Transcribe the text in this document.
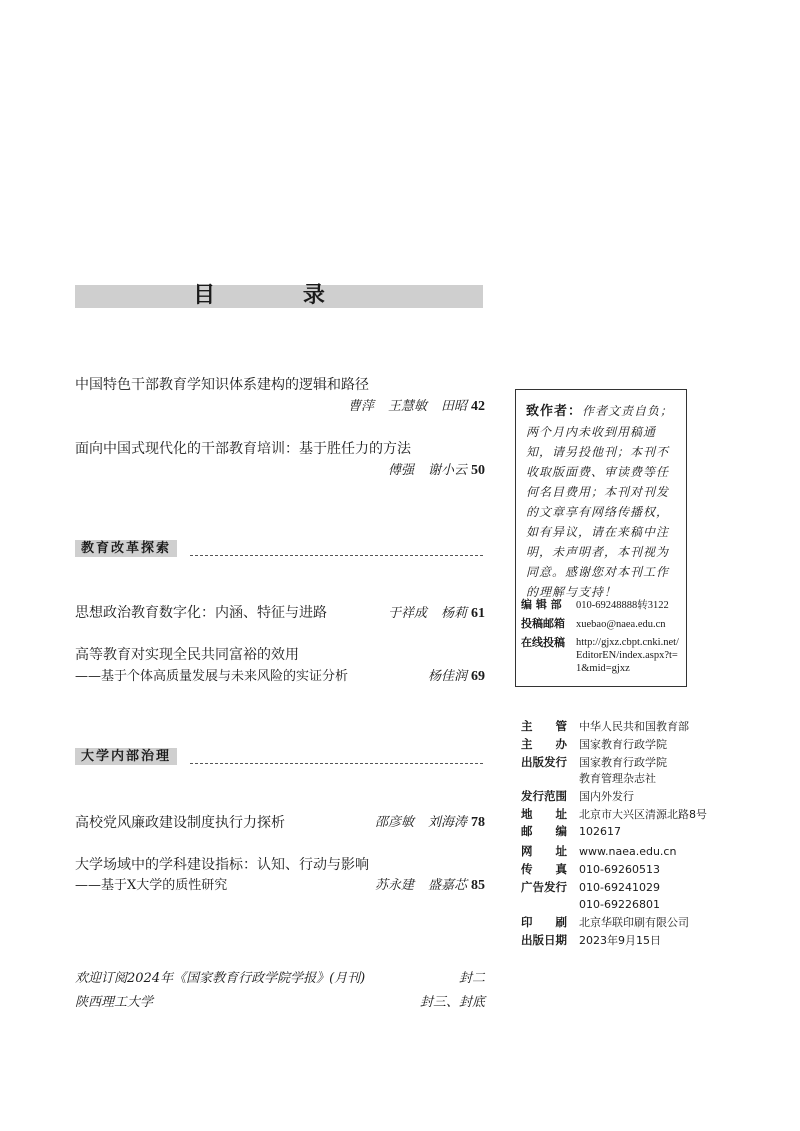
目 录
中国特色干部教育学知识体系建构的逻辑和路径
曹萍 王慧敏 田昭 42
面向中国式现代化的干部教育培训：基于胜任力的方法
傅强 谢小云 50
教育改革探索
思想政治教育数字化：内涵、特征与进路	于祥成 杨莉 61
高等教育对实现全民共同富裕的效用
——基于个体高质量发展与未来风险的实证分析	杨佳润 69
大学内部治理
高校党风廉政建设制度执行力探析	邵彦敏 刘海涛 78
大学场域中的学科建设指标：认知、行动与影响
——基于X大学的质性研究	苏永建 盛嘉芯 85
欢迎订阅2024年《国家教育行政学院学报》(月刊)	封二
陕西理工大学	封三、封底
致作者：作者文责自负；两个月内未收到用稿通知，请另投他刊；本刊不收取版面费、审读费等任何名目费用；本刊对刊发的文章享有网络传播权，如有异议，请在来稿中注明，未声明者，本刊视为同意。感谢您对本刊工作的理解与支持！
编 辑 部 010-69248888转3122
投稿邮箱 xuebao@naea.edu.cn
在线投稿	http://gjxz.cbpt.cnki.net/
EditorEN/index.aspx?t=
1&mid=gjxz
主　　管 中华人民共和国教育部
主　　办 国家教育行政学院
出版发行 国家教育行政学院
教育管理杂志社
发行范围 国内外发行
地　　址 北京市大兴区清源北路8号
邮　　编 102617
网　　址 www.naea.edu.cn
传　　真 010-69260513
广告发行 010-69241029
010-69226801
印　　刷 北京华联印刷有限公司
出版日期 2023年9月15日
